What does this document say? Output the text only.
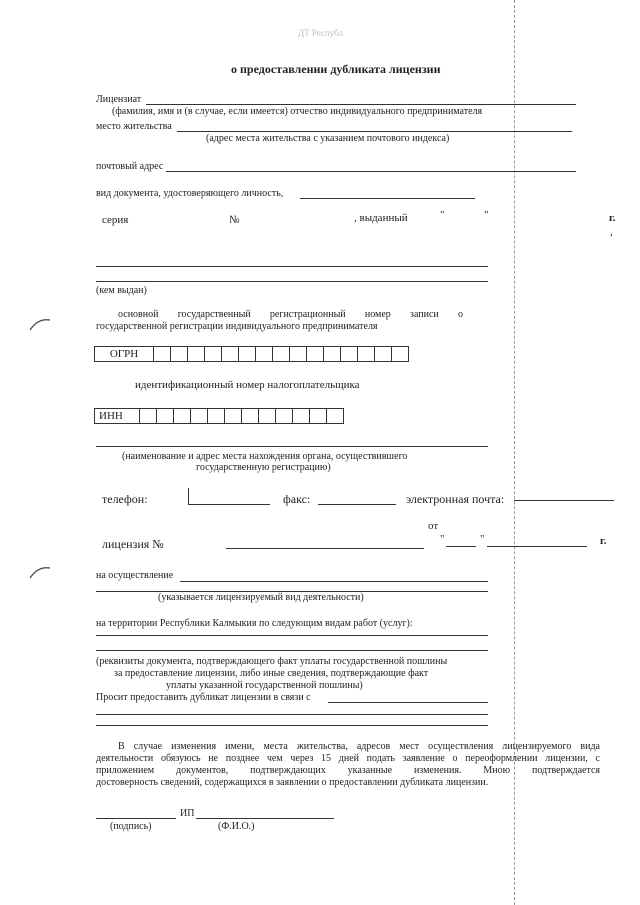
ДТ Республ
о предоставлении дубликата лицензии
Лицензиат
(фамилия, имя и (в случае, если имеется) отчество индивидуального предпринимателя
место жительства
(адрес места жительства с указанием почтового индекса)
почтовый адрес
вид документа, удостоверяющего личность,
серия	№	, выданный	"	"	г.
,
(кем выдан)
основной государственный регистрационный номер записи о
государственной регистрации индивидуального предпринимателя
ОГРН
идентификационный номер налогоплательщика
ИНН
(наименование и адрес места нахождения органа, осуществившего
государственную регистрацию)
телефон:	факс:	электронная почта:
от
лицензия №	"	"	г.
на осуществление
(указывается лицензируемый вид деятельности)
на территории Республики Калмыкия по следующим видам работ (услуг):
(реквизиты документа, подтверждающего факт уплаты государственной пошлины
за предоставление лицензии, либо иные сведения, подтверждающие факт
уплаты указанной государственной пошлины)
Просит предоставить дубликат лицензии в связи с
В случае изменения имени, места жительства, адресов мест осуществления лицензируемого вида
деятельности обязуюсь не позднее чем через 15 дней подать заявление о переоформлении лицензии, с
приложением документов, подтверждающих указанные изменения. Мною подтверждается
достоверность сведений, содержащихся в заявлении о предоставлении дубликата лицензии.
ИП
(подпись)	(Ф.И.О.)
